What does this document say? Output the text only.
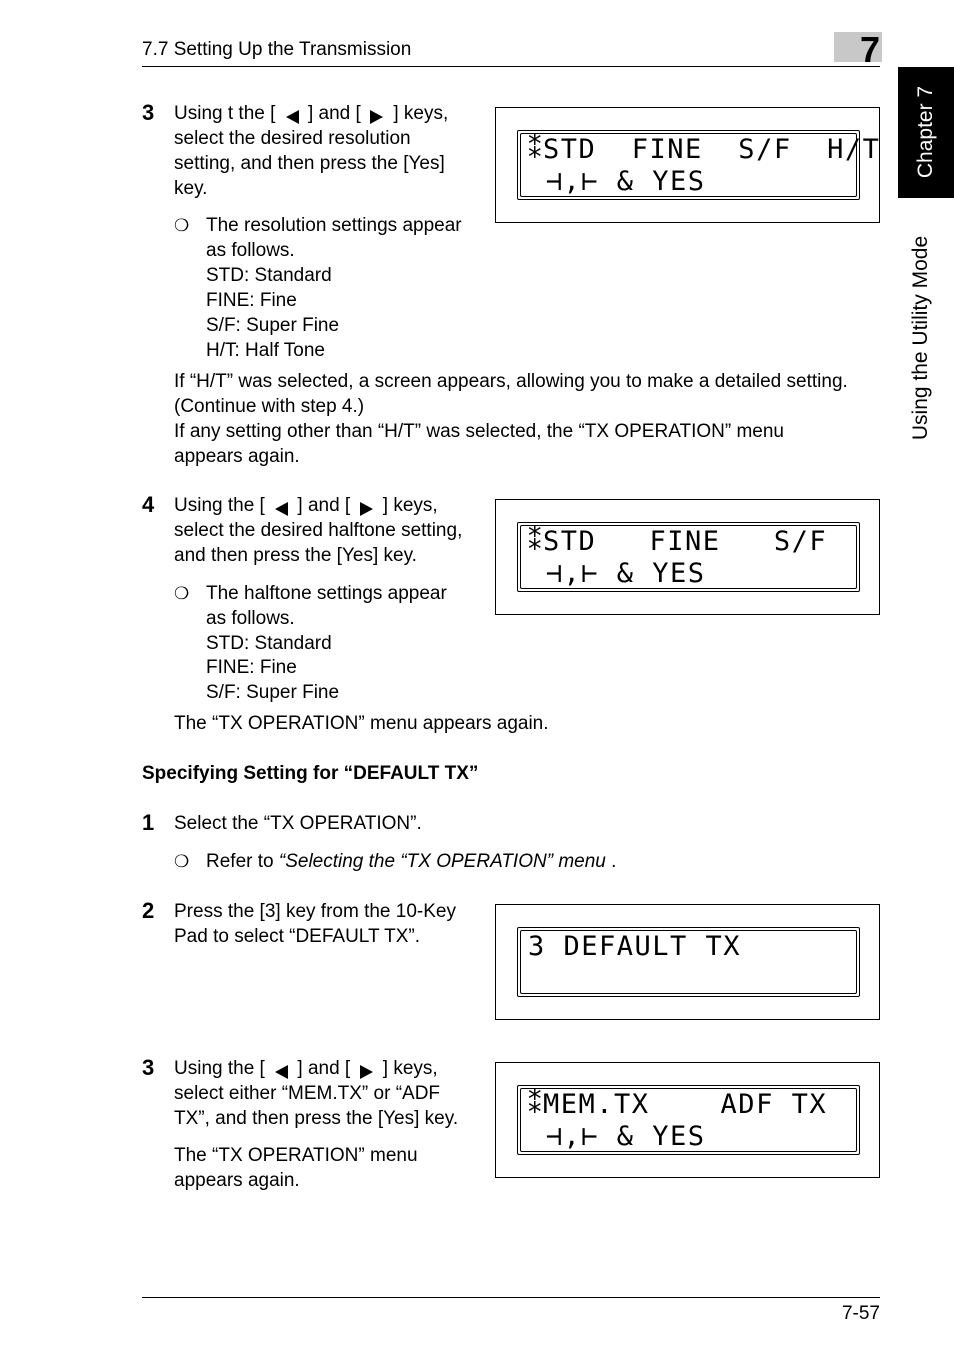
7.7 Setting Up the Transmission	7
Chapter 7
Using the Utility Mode
3 Using t the [ ] and [ ] keys,
select the desired resolution
setting, and then press the [Yes]
key.
❍ The resolution settings appear
as follows.
STD: Standard
FINE: Fine
S/F: Super Fine
H/T: Half Tone
If “H/T” was selected, a screen appears, allowing you to make a detailed setting.
(Continue with step 4.)
If any setting other than “H/T” was selected, the “TX OPERATION” menu
appears again.
⁑STD  FINE  S/F  H/T
⊣,⊢ & YES
4 Using the [ ] and [ ] keys,
select the desired halftone setting,
and then press the [Yes] key.
❍ The halftone settings appear
as follows.
STD: Standard
FINE: Fine
S/F: Super Fine
The “TX OPERATION” menu appears again.
⁑STD   FINE   S/F
⊣,⊢ & YES
Specifying Setting for “DEFAULT TX”
1 Select the “TX OPERATION”.
❍ Refer to “Selecting the “TX OPERATION” menu .
2 Press the [3] key from the 10-Key
Pad to select “DEFAULT TX”.	3 DEFAULT TX
3 Using the [ ] and [ ] keys,
select either “MEM.TX” or “ADF
TX”, and then press the [Yes] key.
The “TX OPERATION” menu
appears again.
⁑MEM.TX    ADF TX
⊣,⊢ & YES
7-57
